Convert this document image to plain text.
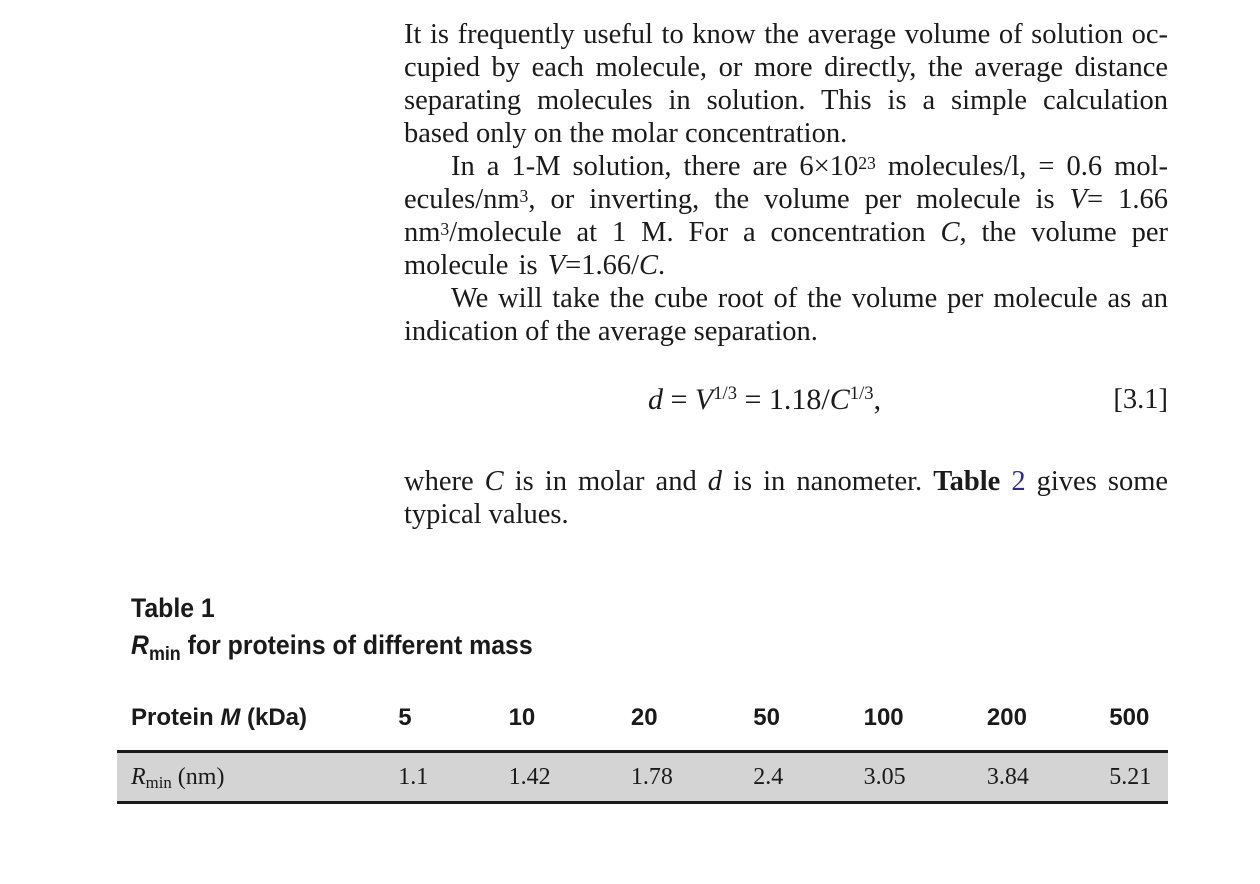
It is frequently useful to know the average volume of solution oc-cupied by each molecule, or more directly, the average distance separating molecules in solution. This is a simple calculation based only on the molar concentration.

In a 1-M solution, there are $6\times 10^{23}$ molecules/l, = 0.6 mol-$ecules/nm^3$, or inverting, the volume per molecule is V= 1.66 $nm^3$/molecule at 1 M. For a concentration C, the volume per molecule is V=1.66/C.

We will take the cube root of the volume per molecule as an indication of the average separation.

$d = V^{1/3} = 1.18/C^{1/3}$,	[3.1]

where C is in molar and d is in nanometer. Table 2 gives some typical values.

Table 1
$R_{min}$ for proteins of different mass
Protein M (kDa)	5	10	20	50	100	200	500
$R_{min}$ (nm)	1.1	1.42	1.78	2.4	3.05	3.84	5.21
